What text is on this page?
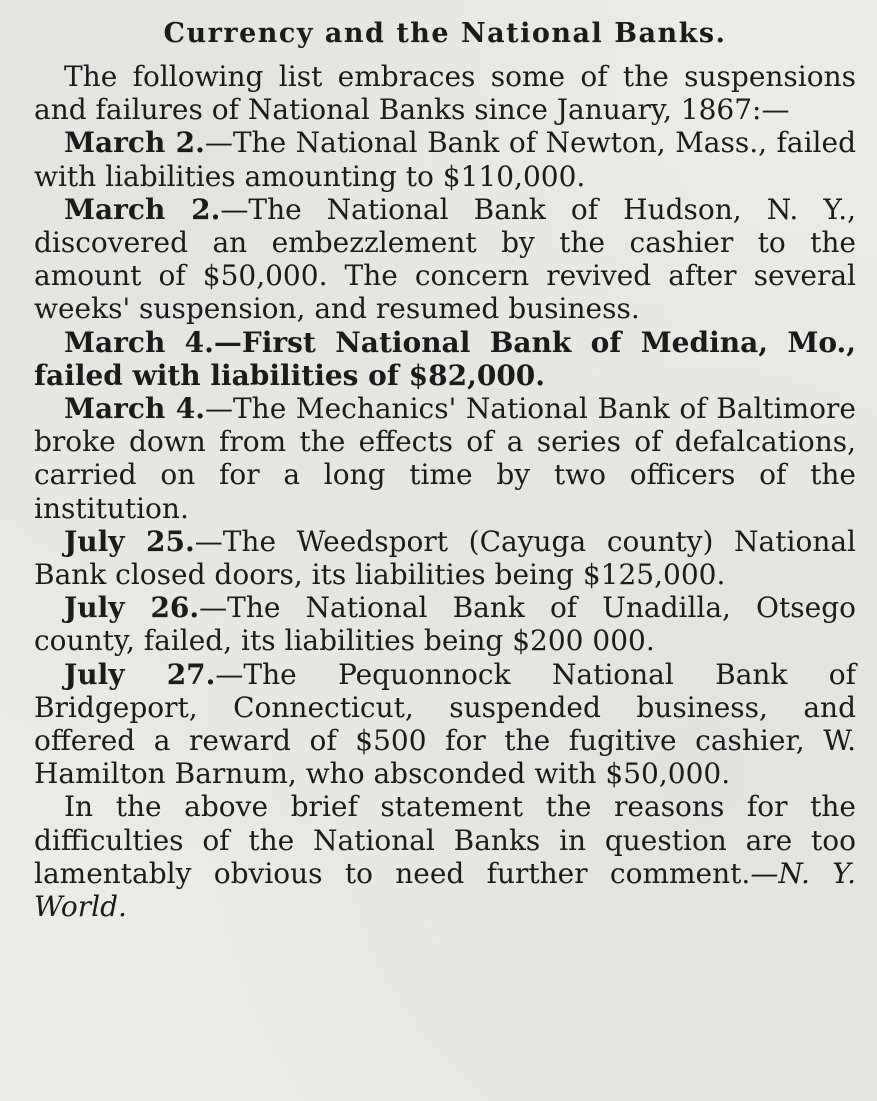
Currency and the National Banks.

The following list embraces some of the suspensions and failures of National Banks since January, 1867:—

March 2.—The National Bank of Newton, Mass., failed with liabilities amounting to $110,000.

March 2.—The National Bank of Hudson, N. Y., discovered an embezzlement by the cashier to the amount of $50,000. The concern revived after several weeks' suspension, and resumed business.

March 4.—First National Bank of Medina, Mo., failed with liabilities of $82,000.

March 4.—The Mechanics' National Bank of Baltimore broke down from the effects of a series of defalcations, carried on for a long time by two officers of the institution.

July 25.—The Weedsport (Cayuga county) National Bank closed doors, its liabilities being $125,000.

July 26.—The National Bank of Unadilla, Otsego county, failed, its liabilities being $200 000.

July 27.—The Pequonnock National Bank of Bridgeport, Connecticut, suspended business, and offered a reward of $500 for the fugitive cashier, W. Hamilton Barnum, who absconded with $50,000.

In the above brief statement the reasons for the difficulties of the National Banks in question are too lamentably obvious to need further comment.—N. Y. World.
